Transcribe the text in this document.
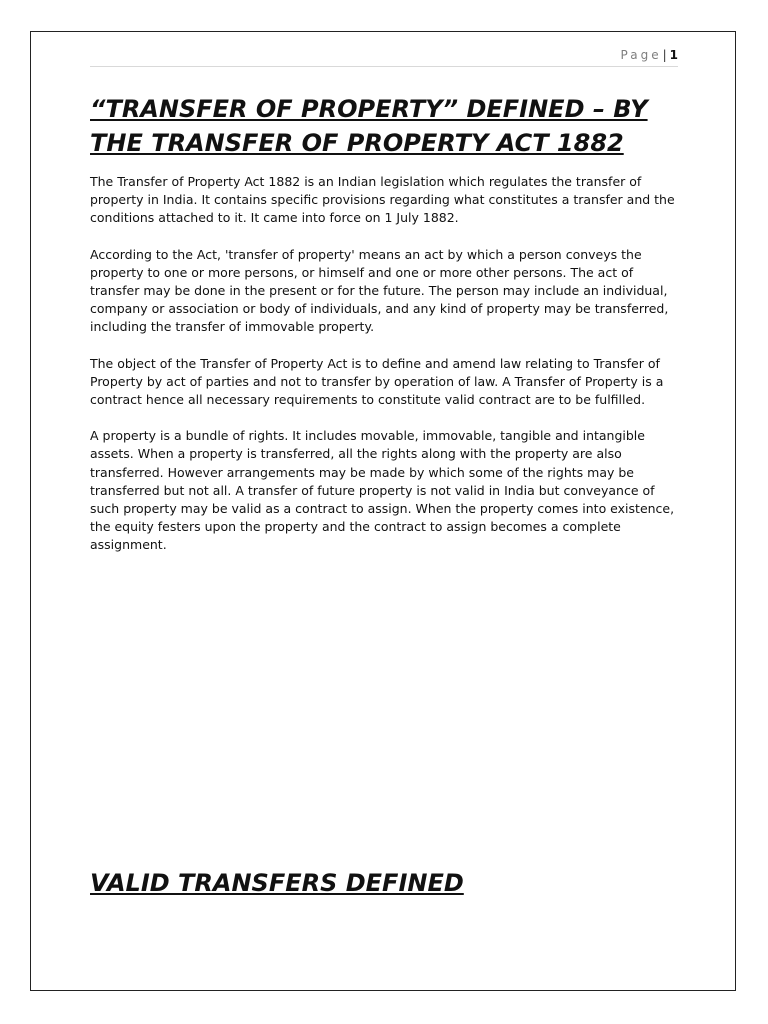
Page| 1
“TRANSFER OF PROPERTY” DEFINED – BY
THE TRANSFER OF PROPERTY ACT 1882

The Transfer of Property Act 1882 is an Indian legislation which regulates the transfer of property in India. It contains specific provisions regarding what constitutes a transfer and the conditions attached to it. It came into force on 1 July 1882.

According to the Act, 'transfer of property' means an act by which a person conveys the property to one or more persons, or himself and one or more other persons. The act of transfer may be done in the present or for the future. The person may include an individual, company or association or body of individuals, and any kind of property may be transferred, including the transfer of immovable property.

The object of the Transfer of Property Act is to define and amend law relating to Transfer of Property by act of parties and not to transfer by operation of law. A Transfer of Property is a contract hence all necessary requirements to constitute valid contract are to be fulfilled.

A property is a bundle of rights. It includes movable, immovable, tangible and intangible assets. When a property is transferred, all the rights along with the property are also transferred. However arrangements may be made by which some of the rights may be transferred but not all. A transfer of future property is not valid in India but conveyance of such property may be valid as a contract to assign. When the property comes into existence, the equity festers upon the property and the contract to assign becomes a complete assignment.

VALID TRANSFERS DEFINED
